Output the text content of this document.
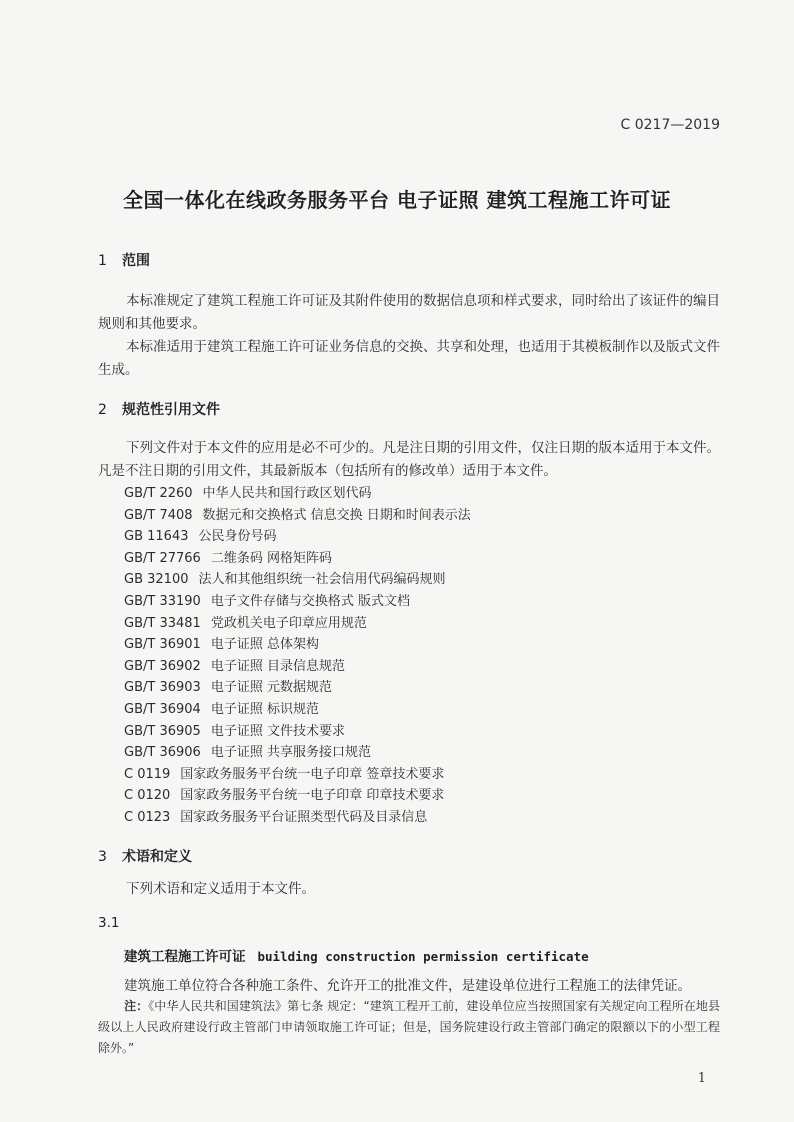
C 0217—2019
全国一体化在线政务服务平台 电子证照 建筑工程施工许可证
1 范围
本标准规定了建筑工程施工许可证及其附件使用的数据信息项和样式要求，同时给出了该证件的编目规则和其他要求。
本标准适用于建筑工程施工许可证业务信息的交换、共享和处理，也适用于其模板制作以及版式文件生成。
2 规范性引用文件
下列文件对于本文件的应用是必不可少的。凡是注日期的引用文件，仅注日期的版本适用于本文件。凡是不注日期的引用文件，其最新版本（包括所有的修改单）适用于本文件。
GB/T 2260 中华人民共和国行政区划代码
GB/T 7408 数据元和交换格式 信息交换 日期和时间表示法
GB 11643 公民身份号码
GB/T 27766 二维条码 网格矩阵码
GB 32100 法人和其他组织统一社会信用代码编码规则
GB/T 33190 电子文件存储与交换格式 版式文档
GB/T 33481 党政机关电子印章应用规范
GB/T 36901 电子证照 总体架构
GB/T 36902 电子证照 目录信息规范
GB/T 36903 电子证照 元数据规范
GB/T 36904 电子证照 标识规范
GB/T 36905 电子证照 文件技术要求
GB/T 36906 电子证照 共享服务接口规范
C 0119 国家政务服务平台统一电子印章 签章技术要求
C 0120 国家政务服务平台统一电子印章 印章技术要求
C 0123 国家政务服务平台证照类型代码及目录信息
3 术语和定义
下列术语和定义适用于本文件。
3.1
建筑工程施工许可证 building construction permission certificate
建筑施工单位符合各种施工条件、允许开工的批准文件，是建设单位进行工程施工的法律凭证。
注：《中华人民共和国建筑法》第七条 规定：“建筑工程开工前，建设单位应当按照国家有关规定向工程所在地县级以上人民政府建设行政主管部门申请领取施工许可证；但是，国务院建设行政主管部门确定的限额以下的小型工程除外。”
1
